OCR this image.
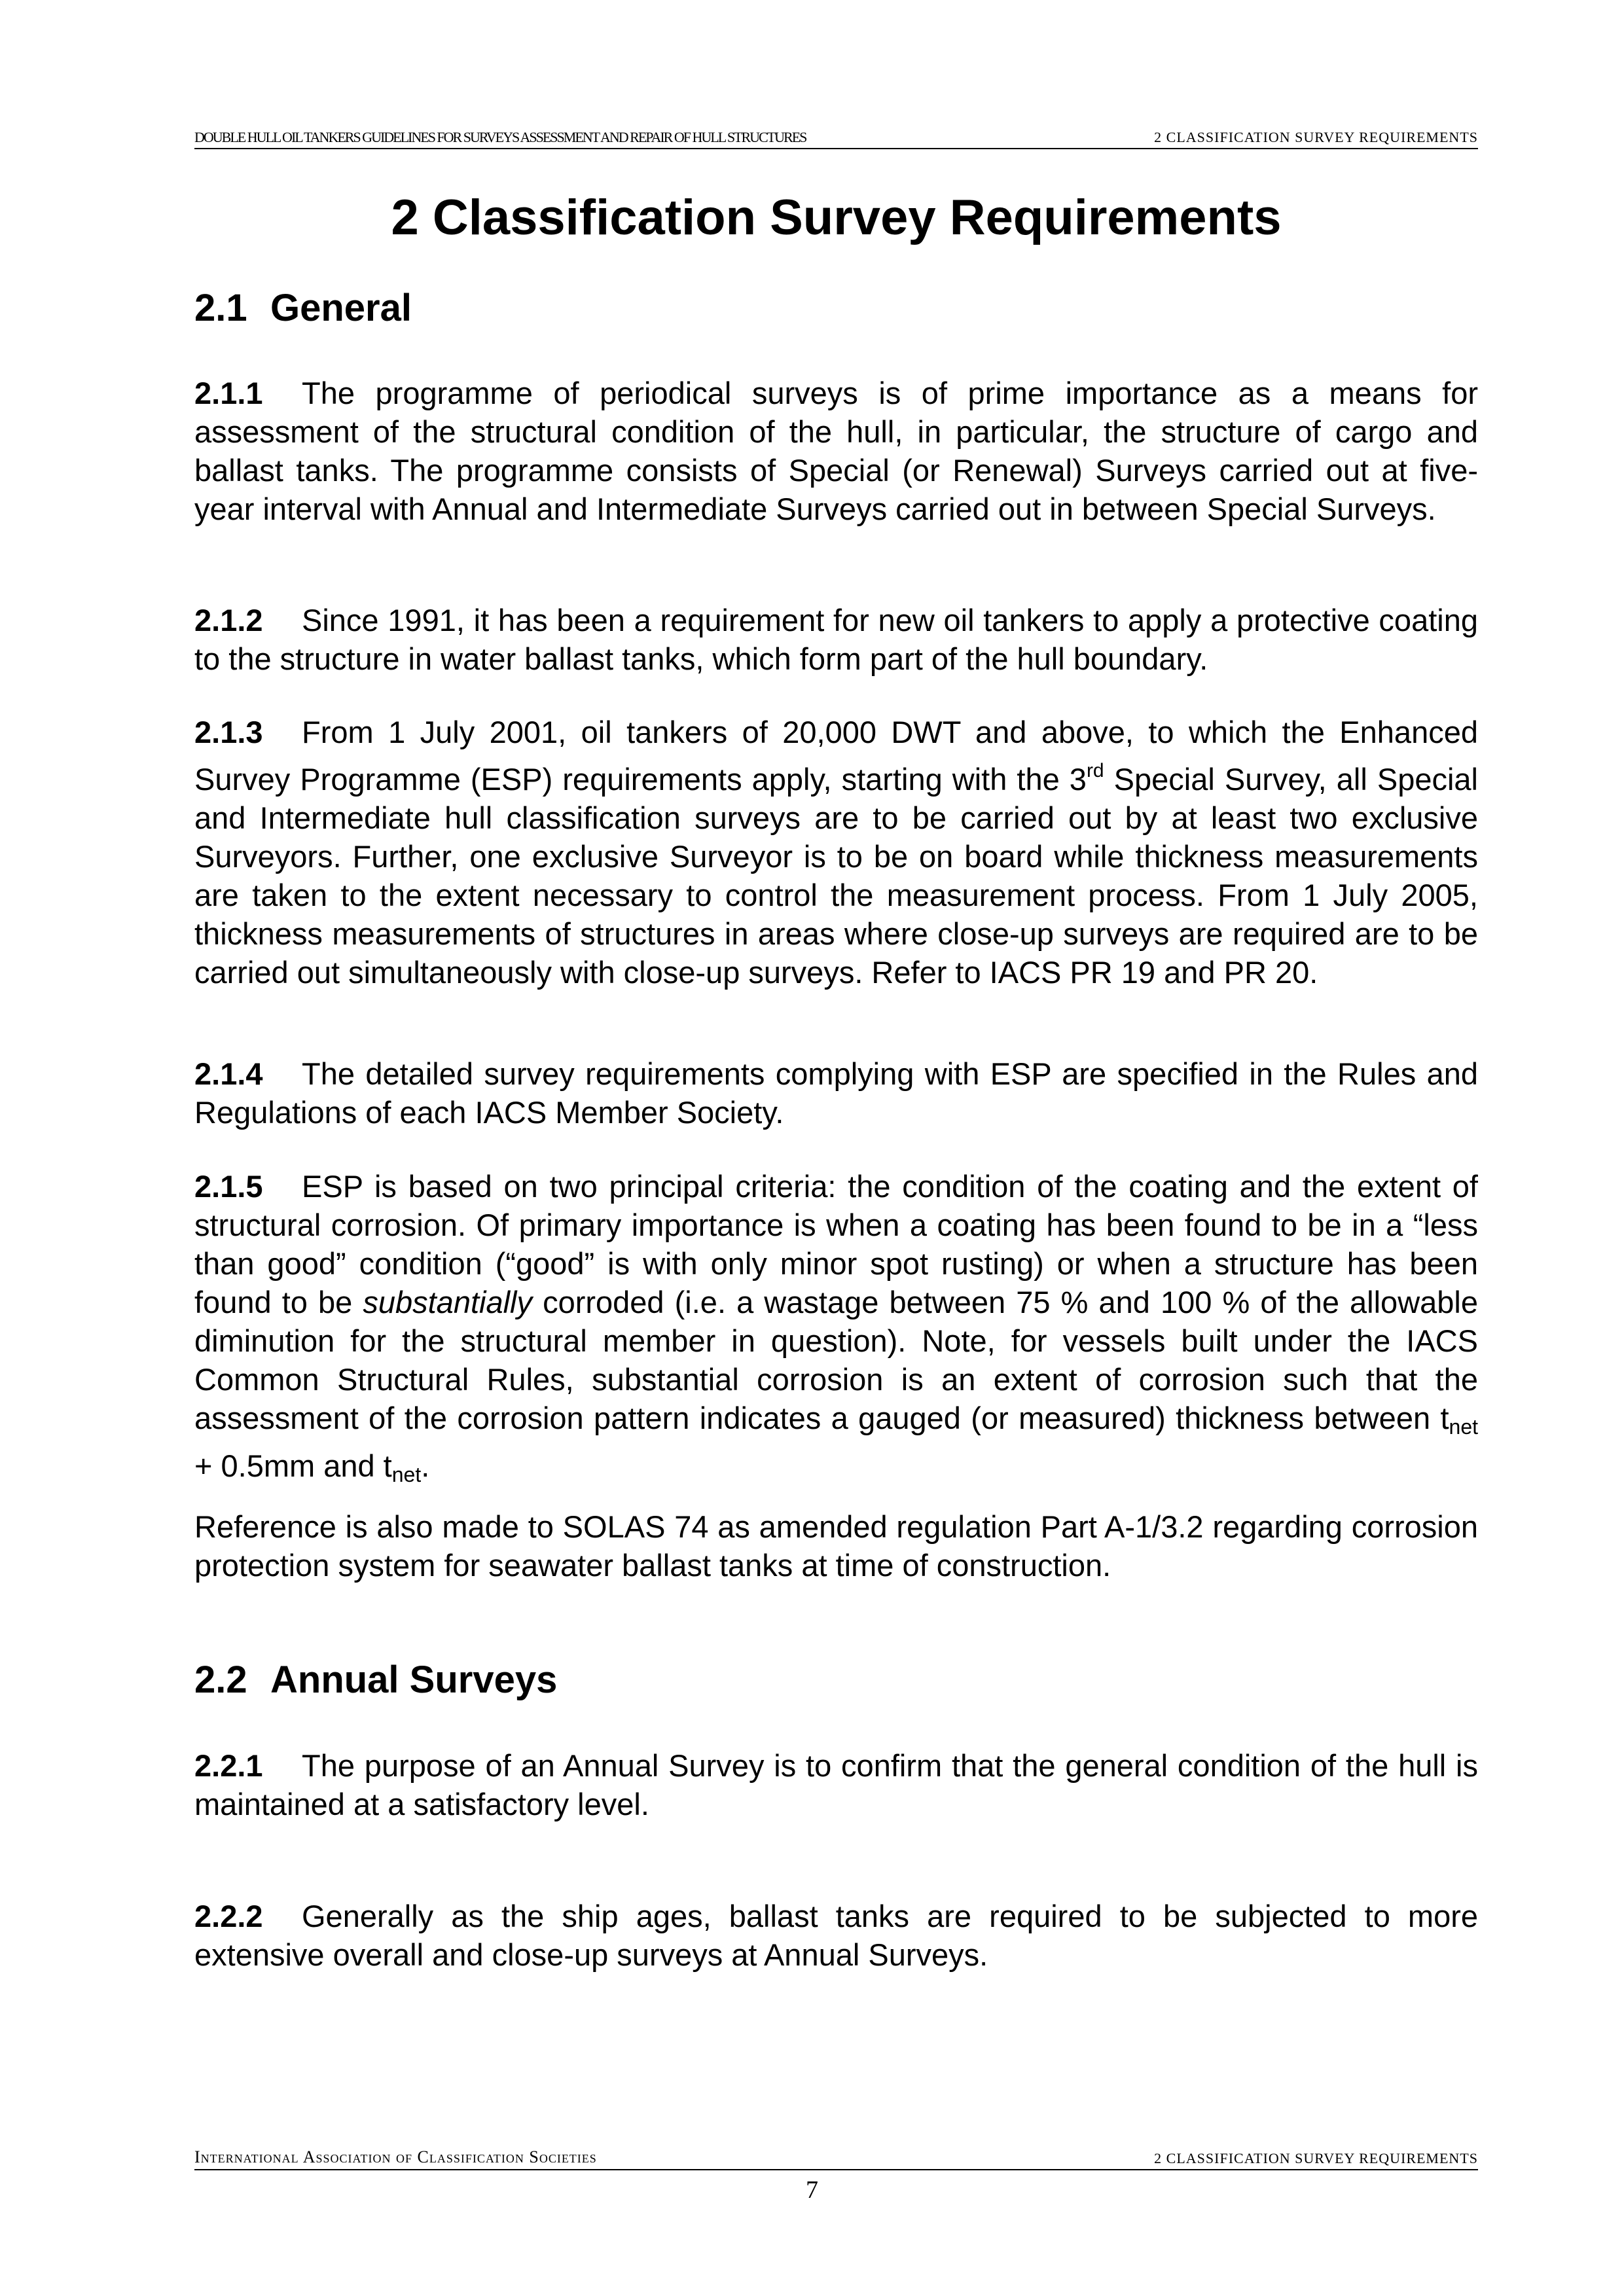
DOUBLE HULL OIL TANKERS GUIDELINES FOR SURVEYS ASSESSMENT AND REPAIR OF HULL STRUCTURES	2 CLASSIFICATION SURVEY REQUIREMENTS
2 Classification Survey Requirements
2.1 General

2.1.1 The programme of periodical surveys is of prime importance as a means for assessment of the structural condition of the hull, in particular, the structure of cargo and ballast tanks. The programme consists of Special (or Renewal) Surveys carried out at five-year interval with Annual and Intermediate Surveys carried out in between Special Surveys.

2.1.2 Since 1991, it has been a requirement for new oil tankers to apply a protective coating to the structure in water ballast tanks, which form part of the hull boundary.

2.1.3 From 1 July 2001, oil tankers of 20,000 DWT and above, to which the Enhanced Survey Programme (ESP) requirements apply, starting with the 3rd Special Survey, all Special and Intermediate hull classification surveys are to be carried out by at least two exclusive Surveyors. Further, one exclusive Surveyor is to be on board while thickness measurements are taken to the extent necessary to control the measurement process. From 1 July 2005, thickness measurements of structures in areas where close-up surveys are required are to be carried out simultaneously with close-up surveys. Refer to IACS PR 19 and PR 20.

2.1.4 The detailed survey requirements complying with ESP are specified in the Rules and Regulations of each IACS Member Society.

2.1.5 ESP is based on two principal criteria: the condition of the coating and the extent of structural corrosion. Of primary importance is when a coating has been found to be in a “less than good” condition (“good” is with only minor spot rusting) or when a structure has been found to be substantially corroded (i.e. a wastage between 75 % and 100 % of the allowable diminution for the structural member in question). Note, for vessels built under the IACS Common Structural Rules, substantial corrosion is an extent of corrosion such that the assessment of the corrosion pattern indicates a gauged (or measured) thickness between $t_{net} + 0.5mm$ and $t_{net}$.

Reference is also made to SOLAS 74 as amended regulation Part A-1/3.2 regarding corrosion protection system for seawater ballast tanks at time of construction.

2.2 Annual Surveys

2.2.1 The purpose of an Annual Survey is to confirm that the general condition of the hull is maintained at a satisfactory level.

2.2.2 Generally as the ship ages, ballast tanks are required to be subjected to more extensive overall and close-up surveys at Annual Surveys.

International Association of Classification Societies	2 CLASSIFICATION SURVEY REQUIREMENTS
7
